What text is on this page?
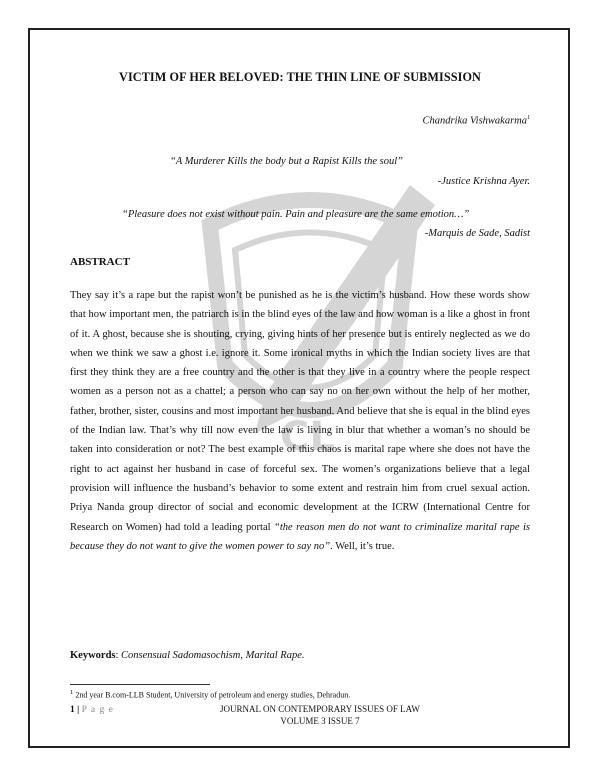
CL
VICTIM OF HER BELOVED: THE THIN LINE OF SUBMISSION
Chandrika Vishwakarma$^1$
“A Murderer Kills the body but a Rapist Kills the soul”
-Justice Krishna Ayer.
“Pleasure does not exist without pain. Pain and pleasure are the same emotion…”
-Marquis de Sade, Sadist
ABSTRACT
They say it’s a rape but the rapist won’t be punished as he is the victim’s husband. How these words show that how important men, the patriarch is in the blind eyes of the law and how woman is a like a ghost in front of it. A ghost, because she is shouting, crying, giving hints of her presence but is entirely neglected as we do when we think we saw a ghost i.e. ignore it. Some ironical myths in which the Indian society lives are that first they think they are a free country and the other is that they live in a country where the people respect women as a person not as a chattel; a person who can say no on her own without the help of her mother, father, brother, sister, cousins and most important her husband. And believe that she is equal in the blind eyes of the Indian law. That’s why till now even the law is living in blur that whether a woman’s no should be taken into consideration or not? The best example of this chaos is marital rape where she does not have the right to act against her husband in case of forceful sex. The women’s organizations believe that a legal provision will influence the husband’s behavior to some extent and restrain him from cruel sexual action. Priya Nanda group director of social and economic development at the ICRW (International Centre for Research on Women) had told a leading portal “the reason men do not want to criminalize marital rape is because they do not want to give the women power to say no”. Well, it’s true.
Keywords: Consensual Sadomasochism, Marital Rape.
$^1$ 2nd year B.com-LLB Student, University of petroleum and energy studies, Dehradun.
1 | P a g e	JOURNAL ON CONTEMPORARY ISSUES OF LAW
VOLUME 3 ISSUE 7
